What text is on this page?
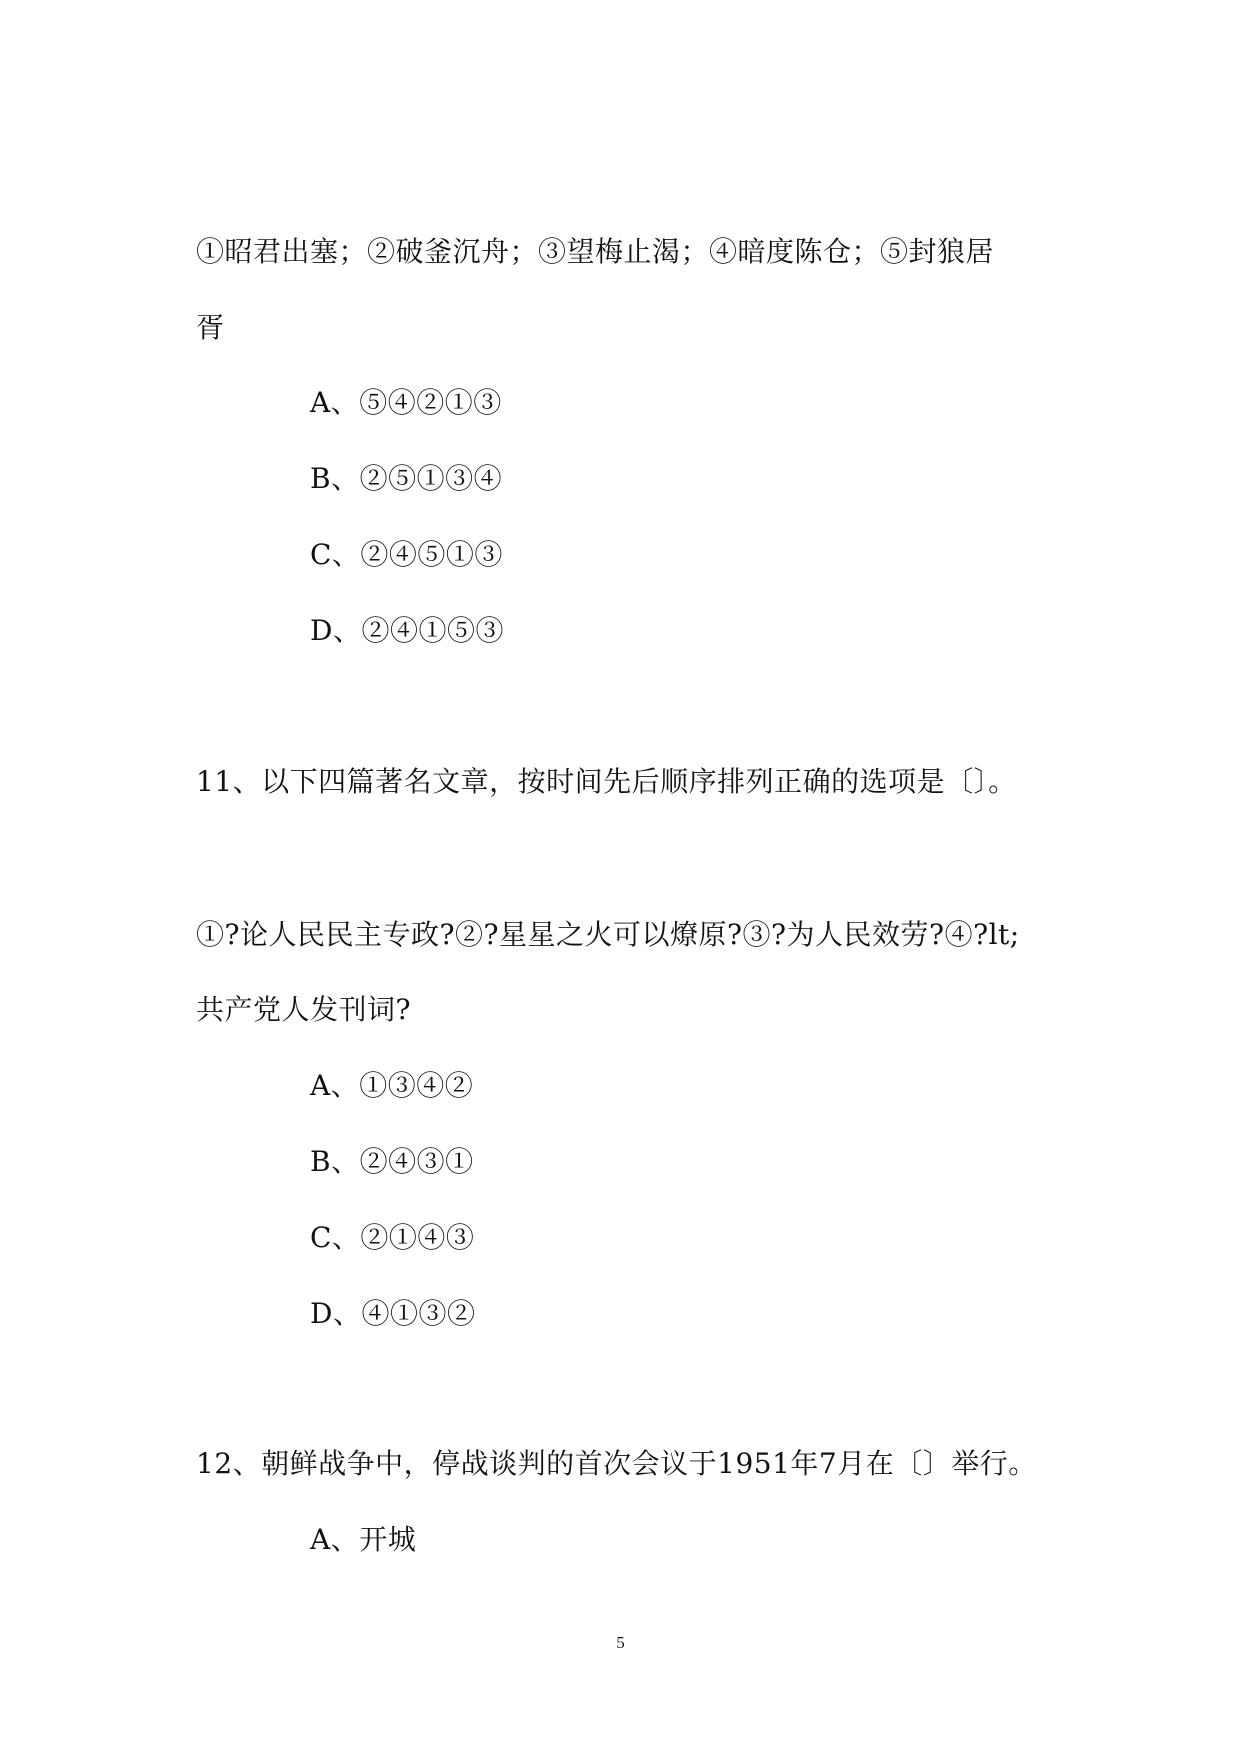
①昭君出塞；②破釜沉舟；③望梅止渴；④暗度陈仓；⑤封狼居
胥
A、⑤④②①③
B、②⑤①③④
C、②④⑤①③
D、②④①⑤③
11、以下四篇著名文章，按时间先后顺序排列正确的选项是〔〕。
①?论人民民主专政?②?星星之火可以燎原?③?为人民效劳?④?lt;
共产党人发刊词?
A、①③④②
B、②④③①
C、②①④③
D、④①③②
12、朝鲜战争中，停战谈判的首次会议于1951年7月在〔〕举行。
A、开城
5
